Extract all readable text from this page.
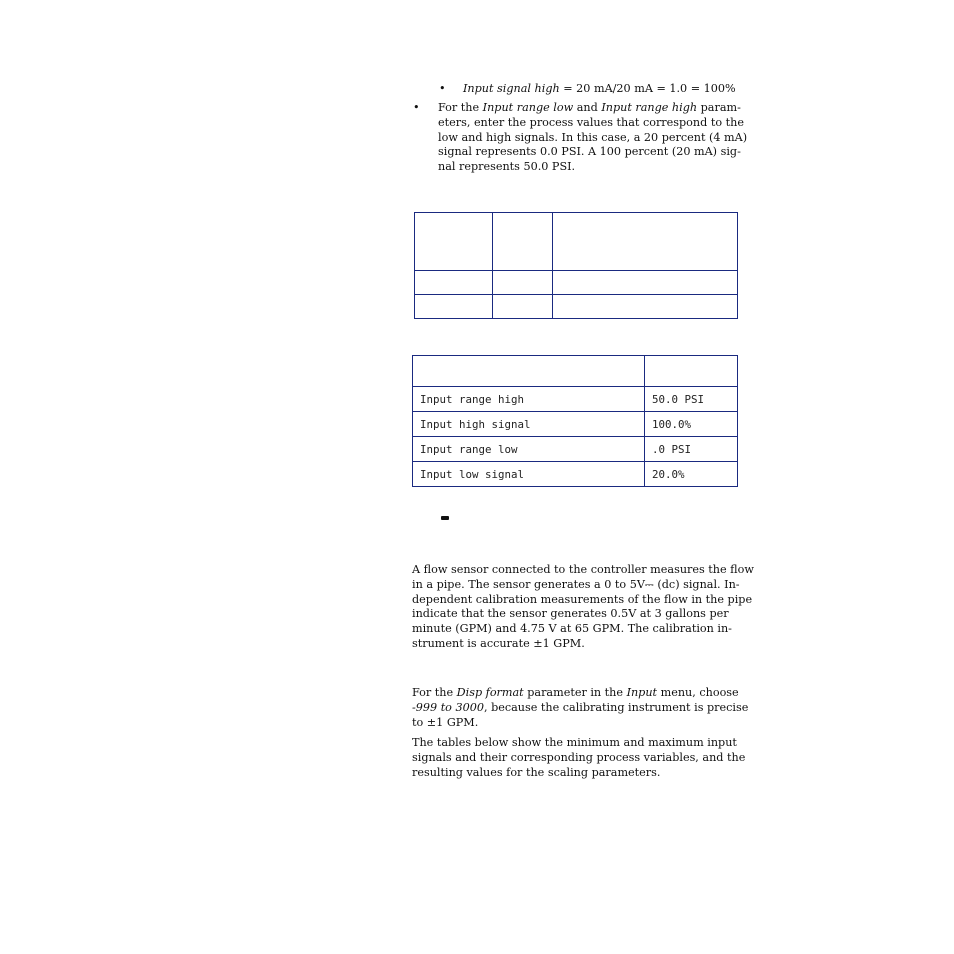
• Input signal high = 20 mA/20 mA = 1.0 = 100%

• For the Input range low and Input range high param-
eters, enter the process values that correspond to the
low and high signals. In this case, a 20 percent (4 mA)
signal represents 0.0 PSI. A 100 percent (20 mA) sig-
nal represents 50.0 PSI.

Input range high	50.0 PSI
Input high signal	100.0%
Input range low	.0 PSI
Input low signal	20.0%

A flow sensor connected to the controller measures the flow
in a pipe. The sensor generates a 0 to 5V⎓ (dc) signal. In-
dependent calibration measurements of the flow in the pipe
indicate that the sensor generates 0.5V at 3 gallons per
minute (GPM) and 4.75 V at 65 GPM. The calibration in-
strument is accurate ±1 GPM.

For the Disp format parameter in the Input menu, choose
-999 to 3000, because the calibrating instrument is precise
to ±1 GPM.

The tables below show the minimum and maximum input
signals and their corresponding process variables, and the
resulting values for the scaling parameters.
